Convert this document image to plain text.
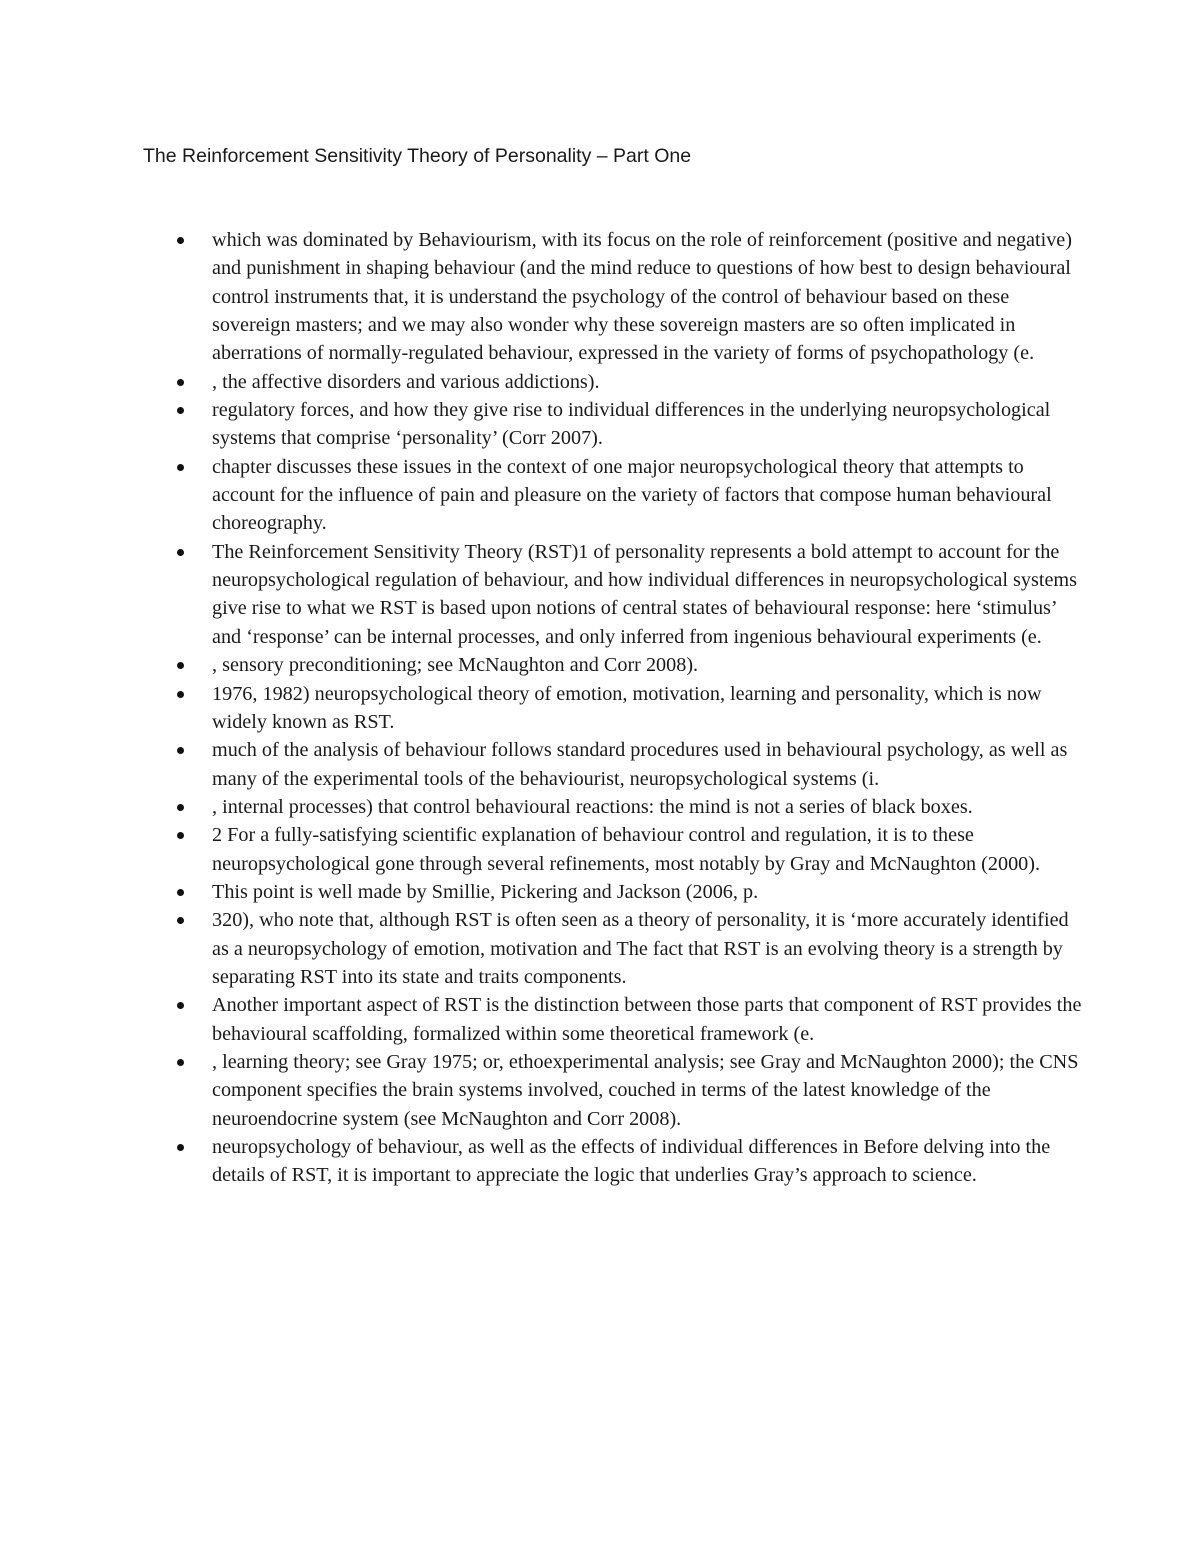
The Reinforcement Sensitivity Theory of Personality – Part One
which was dominated by Behaviourism, with its focus on the role of reinforcement (positive and negative) and punishment in shaping behaviour (and the mind reduce to questions of how best to design behavioural control instruments that, it is understand the psychology of the control of behaviour based on these sovereign masters; and we may also wonder why these sovereign masters are so often implicated in aberrations of normally-regulated behaviour, expressed in the variety of forms of psychopathology (e.
, the affective disorders and various addictions).
regulatory forces, and how they give rise to individual differences in the underlying neuropsychological systems that comprise ‘personality’ (Corr 2007).
chapter discusses these issues in the context of one major neuropsychological theory that attempts to account for the influence of pain and pleasure on the variety of factors that compose human behavioural choreography.
The Reinforcement Sensitivity Theory (RST)1 of personality represents a bold attempt to account for the neuropsychological regulation of behaviour, and how individual differences in neuropsychological systems give rise to what we RST is based upon notions of central states of behavioural response: here ‘stimulus’ and ‘response’ can be internal processes, and only inferred from ingenious behavioural experiments (e.
, sensory preconditioning; see McNaughton and Corr 2008).
1976, 1982) neuropsychological theory of emotion, motivation, learning and personality, which is now widely known as RST.
much of the analysis of behaviour follows standard procedures used in behavioural psychology, as well as many of the experimental tools of the behaviourist, neuropsychological systems (i.
, internal processes) that control behavioural reactions: the mind is not a series of black boxes.
2 For a fully-satisfying scientific explanation of behaviour control and regulation, it is to these neuropsychological gone through several refinements, most notably by Gray and McNaughton (2000).
This point is well made by Smillie, Pickering and Jackson (2006, p.
320), who note that, although RST is often seen as a theory of personality, it is ‘more accurately identified as a neuropsychology of emotion, motivation and The fact that RST is an evolving theory is a strength by separating RST into its state and traits components.
Another important aspect of RST is the distinction between those parts that component of RST provides the behavioural scaffolding, formalized within some theoretical framework (e.
, learning theory; see Gray 1975; or, ethoexperimental analysis; see Gray and McNaughton 2000); the CNS component specifies the brain systems involved, couched in terms of the latest knowledge of the neuroendocrine system (see McNaughton and Corr 2008).
neuropsychology of behaviour, as well as the effects of individual differences in Before delving into the details of RST, it is important to appreciate the logic that underlies Gray’s approach to science.
